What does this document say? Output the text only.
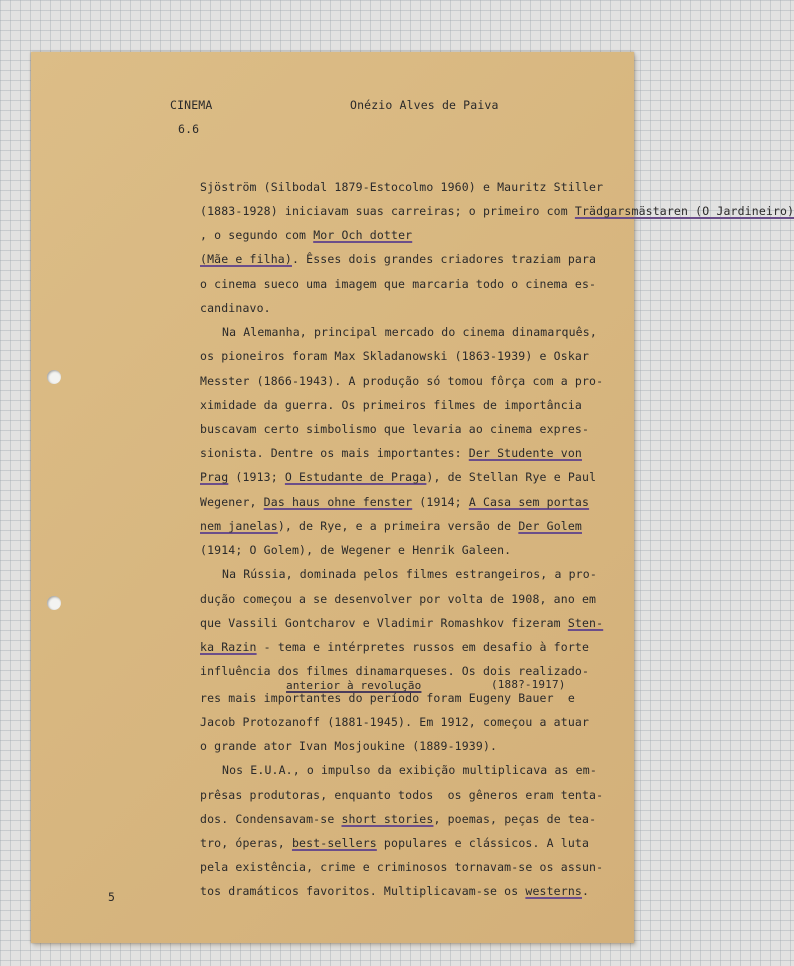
CINEMA
6.6
Onézio Alves de Paiva
Sjöström (Silbodal 1879-Estocolmo 1960) e Mauritz Stiller
(1883-1928) iniciavam suas carreiras; o primeiro com Trädgarsmästaren (O Jardineiro)
, o segundo com Mor Och dotter
(Mãe e filha). Êsses dois grandes criadores traziam para
o cinema sueco uma imagem que marcaria todo o cinema es-
candinavo.
Na Alemanha, principal mercado do cinema dinamarquês,
os pioneiros foram Max Skladanowski (1863-1939) e Oskar
Messter (1866-1943). A produção só tomou fôrça com a pro-
ximidade da guerra. Os primeiros filmes de importância
buscavam certo simbolismo que levaria ao cinema expres-
sionista. Dentre os mais importantes: Der Studente von
Prag (1913; O Estudante de Praga), de Stellan Rye e Paul
Wegener, Das haus ohne fenster (1914; A Casa sem portas
nem janelas), de Rye, e a primeira versão de Der Golem
(1914; O Golem), de Wegener e Henrik Galeen.
Na Rússia, dominada pelos filmes estrangeiros, a pro-
dução começou a se desenvolver por volta de 1908, ano em
que Vassili Gontcharov e Vladimir Romashkov fizeram Sten-
ka Razin - tema e intérpretes russos em desafio à forte
influência dos filmes dinamarqueses. Os dois realizado-
anterior à revolução	(188?-1917)
res mais importantes do período foram Eugeny Bauer  e
Jacob Protozanoff (1881-1945). Em 1912, começou a atuar
o grande ator Ivan Mosjoukine (1889-1939).
Nos E.U.A., o impulso da exibição multiplicava as em-
prêsas produtoras, enquanto todos  os gêneros eram tenta-
dos. Condensavam-se short stories, poemas, peças de tea-
tro, óperas, best-sellers populares e clássicos. A luta
pela existência, crime e criminosos tornavam-se os assun-
tos dramáticos favoritos. Multiplicavam-se os westerns.
5
